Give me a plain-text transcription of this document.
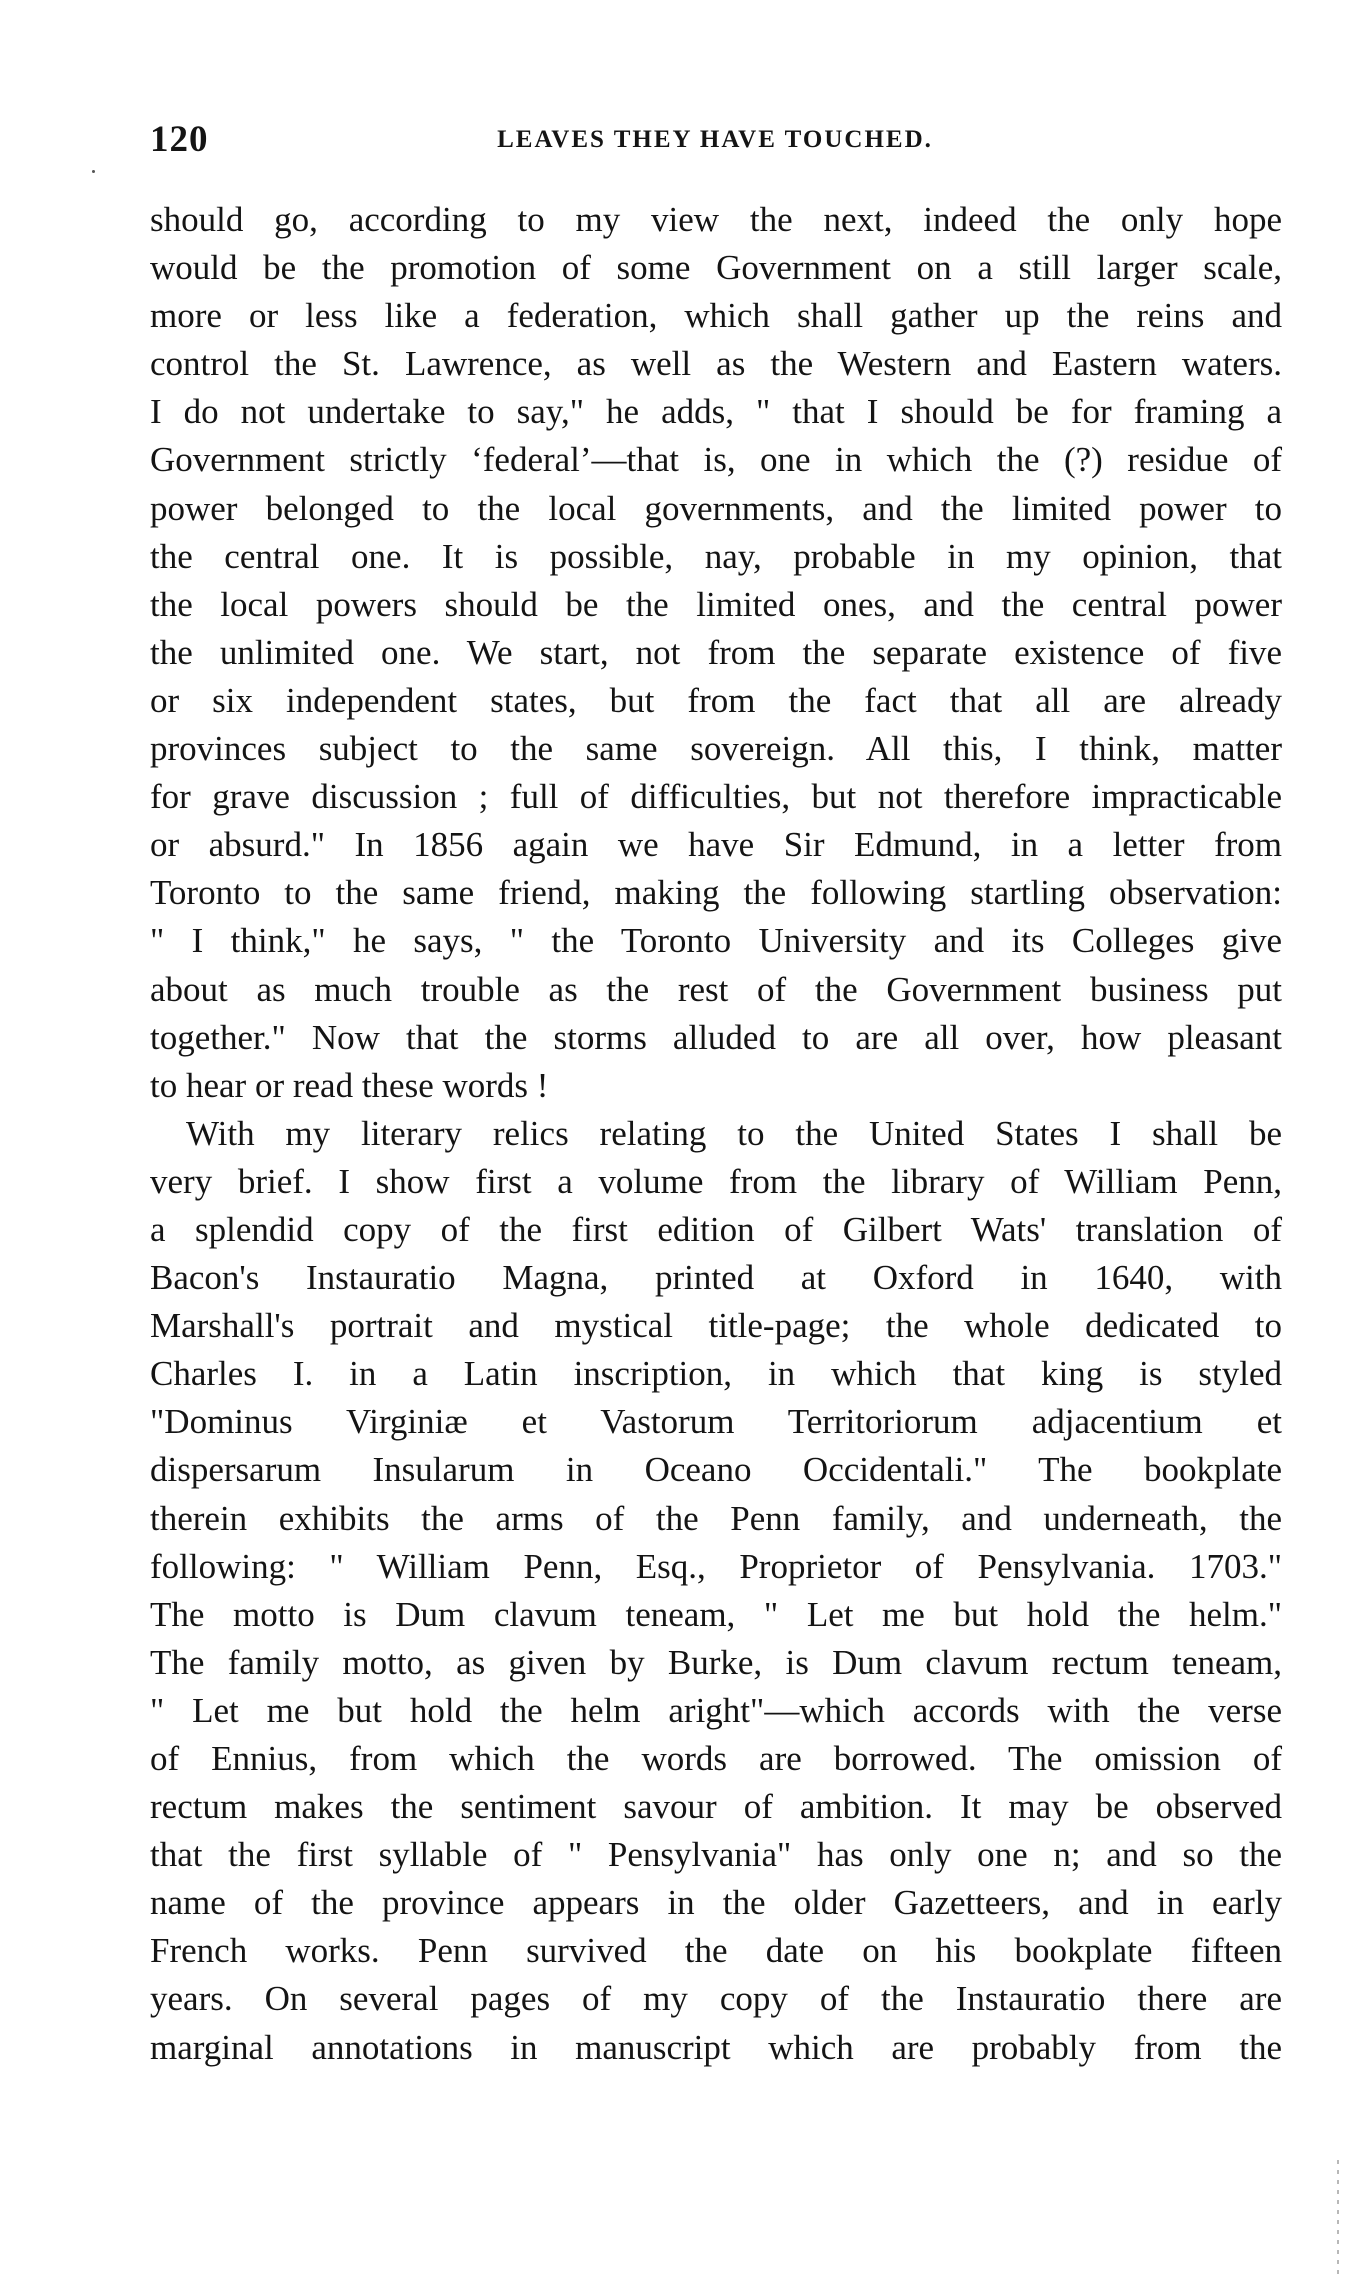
120	LEAVES THEY HAVE TOUCHED.
should go, according to my view the next, indeed the only hope
would be the promotion of some Government on a still larger scale,
more or less like a federation, which shall gather up the reins and
control the St. Lawrence, as well as the Western and Eastern waters.
I do not undertake to say," he adds, " that I should be for framing a
Government strictly ‘federal’—that is, one in which the (?) residue of
power belonged to the local governments, and the limited power to
the central one. It is possible, nay, probable in my opinion, that
the local powers should be the limited ones, and the central power
the unlimited one. We start, not from the separate existence of five
or six independent states, but from the fact that all are already
provinces subject to the same sovereign. All this, I think, matter
for grave discussion ; full of difficulties, but not therefore impracticable
or absurd." In 1856 again we have Sir Edmund, in a letter from
Toronto to the same friend, making the following startling observation:
" I think," he says, " the Toronto University and its Colleges give
about as much trouble as the rest of the Government business put
together." Now that the storms alluded to are all over, how pleasant
to hear or read these words !
With my literary relics relating to the United States I shall be
very brief. I show first a volume from the library of William Penn,
a splendid copy of the first edition of Gilbert Wats' translation of
Bacon's Instauratio Magna, printed at Oxford in 1640, with
Marshall's portrait and mystical title-page; the whole dedicated to
Charles I. in a Latin inscription, in which that king is styled
"Dominus Virginiæ et Vastorum Territoriorum adjacentium et
dispersarum Insularum in Oceano Occidentali." The bookplate
therein exhibits the arms of the Penn family, and underneath, the
following: " William Penn, Esq., Proprietor of Pensylvania. 1703."
The motto is Dum clavum teneam, " Let me but hold the helm."
The family motto, as given by Burke, is Dum clavum rectum teneam,
" Let me but hold the helm aright"—which accords with the verse
of Ennius, from which the words are borrowed. The omission of
rectum makes the sentiment savour of ambition. It may be observed
that the first syllable of " Pensylvania" has only one n; and so the
name of the province appears in the older Gazetteers, and in early
French works. Penn survived the date on his bookplate fifteen
years. On several pages of my copy of the Instauratio there are
marginal annotations in manuscript which are probably from the
